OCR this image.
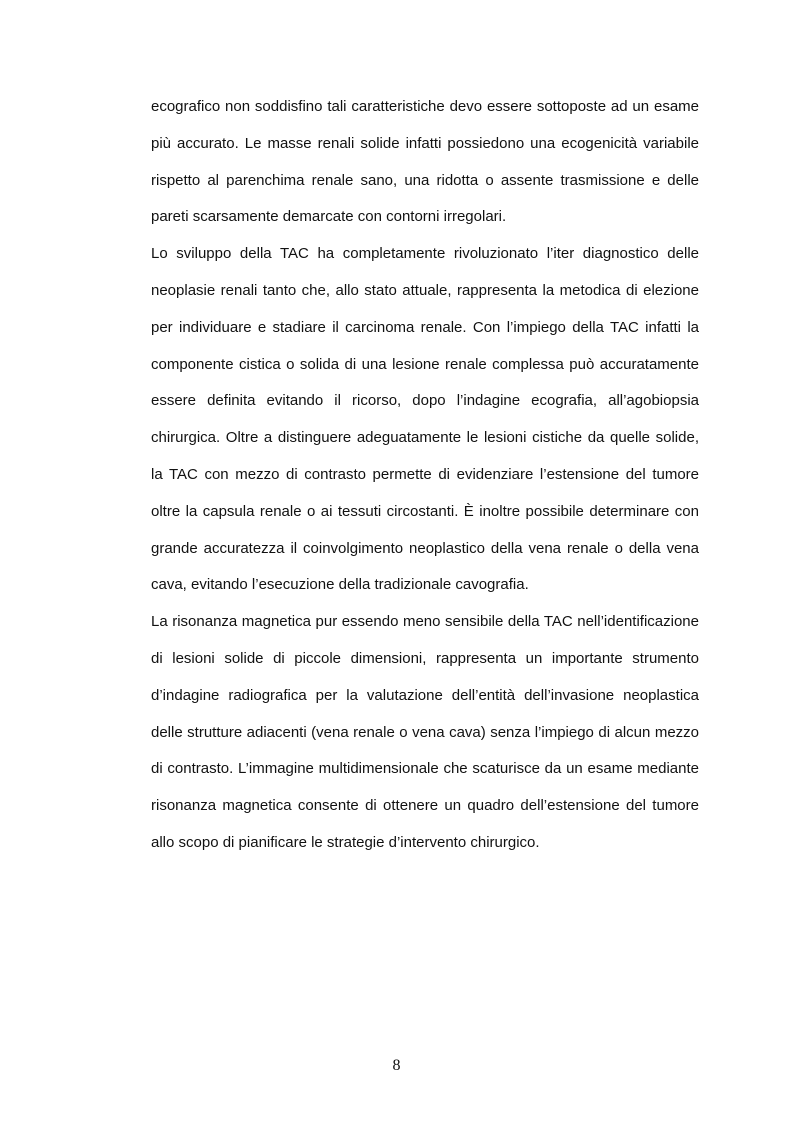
ecografico non soddisfino tali caratteristiche devo essere sottoposte ad un esame più accurato. Le masse renali solide infatti possiedono una ecogenicità variabile rispetto al parenchima renale sano, una ridotta o assente trasmissione e delle pareti scarsamente demarcate con contorni irregolari.

Lo sviluppo della TAC ha completamente rivoluzionato l’iter diagnostico delle neoplasie renali tanto che, allo stato attuale, rappresenta la metodica di elezione per individuare e stadiare il carcinoma renale. Con l’impiego della TAC infatti la componente cistica o solida di una lesione renale complessa può accuratamente essere definita evitando il ricorso, dopo l’indagine ecografia, all’agobiopsia chirurgica. Oltre a distinguere adeguatamente le lesioni cistiche da quelle solide, la TAC con mezzo di contrasto permette di evidenziare l’estensione del tumore oltre la capsula renale o ai tessuti circostanti. È inoltre possibile determinare con grande accuratezza il coinvolgimento neoplastico della vena renale o della vena cava, evitando l’esecuzione della tradizionale cavografia.

La risonanza magnetica pur essendo meno sensibile della TAC nell’identificazione di lesioni solide di piccole dimensioni, rappresenta un importante strumento d’indagine radiografica per la valutazione dell’entità dell’invasione neoplastica delle strutture adiacenti (vena renale o vena cava) senza l’impiego di alcun mezzo di contrasto. L’immagine multidimensionale che scaturisce da un esame mediante risonanza magnetica consente di ottenere un quadro dell’estensione del tumore allo scopo di pianificare le strategie d’intervento chirurgico.

8
